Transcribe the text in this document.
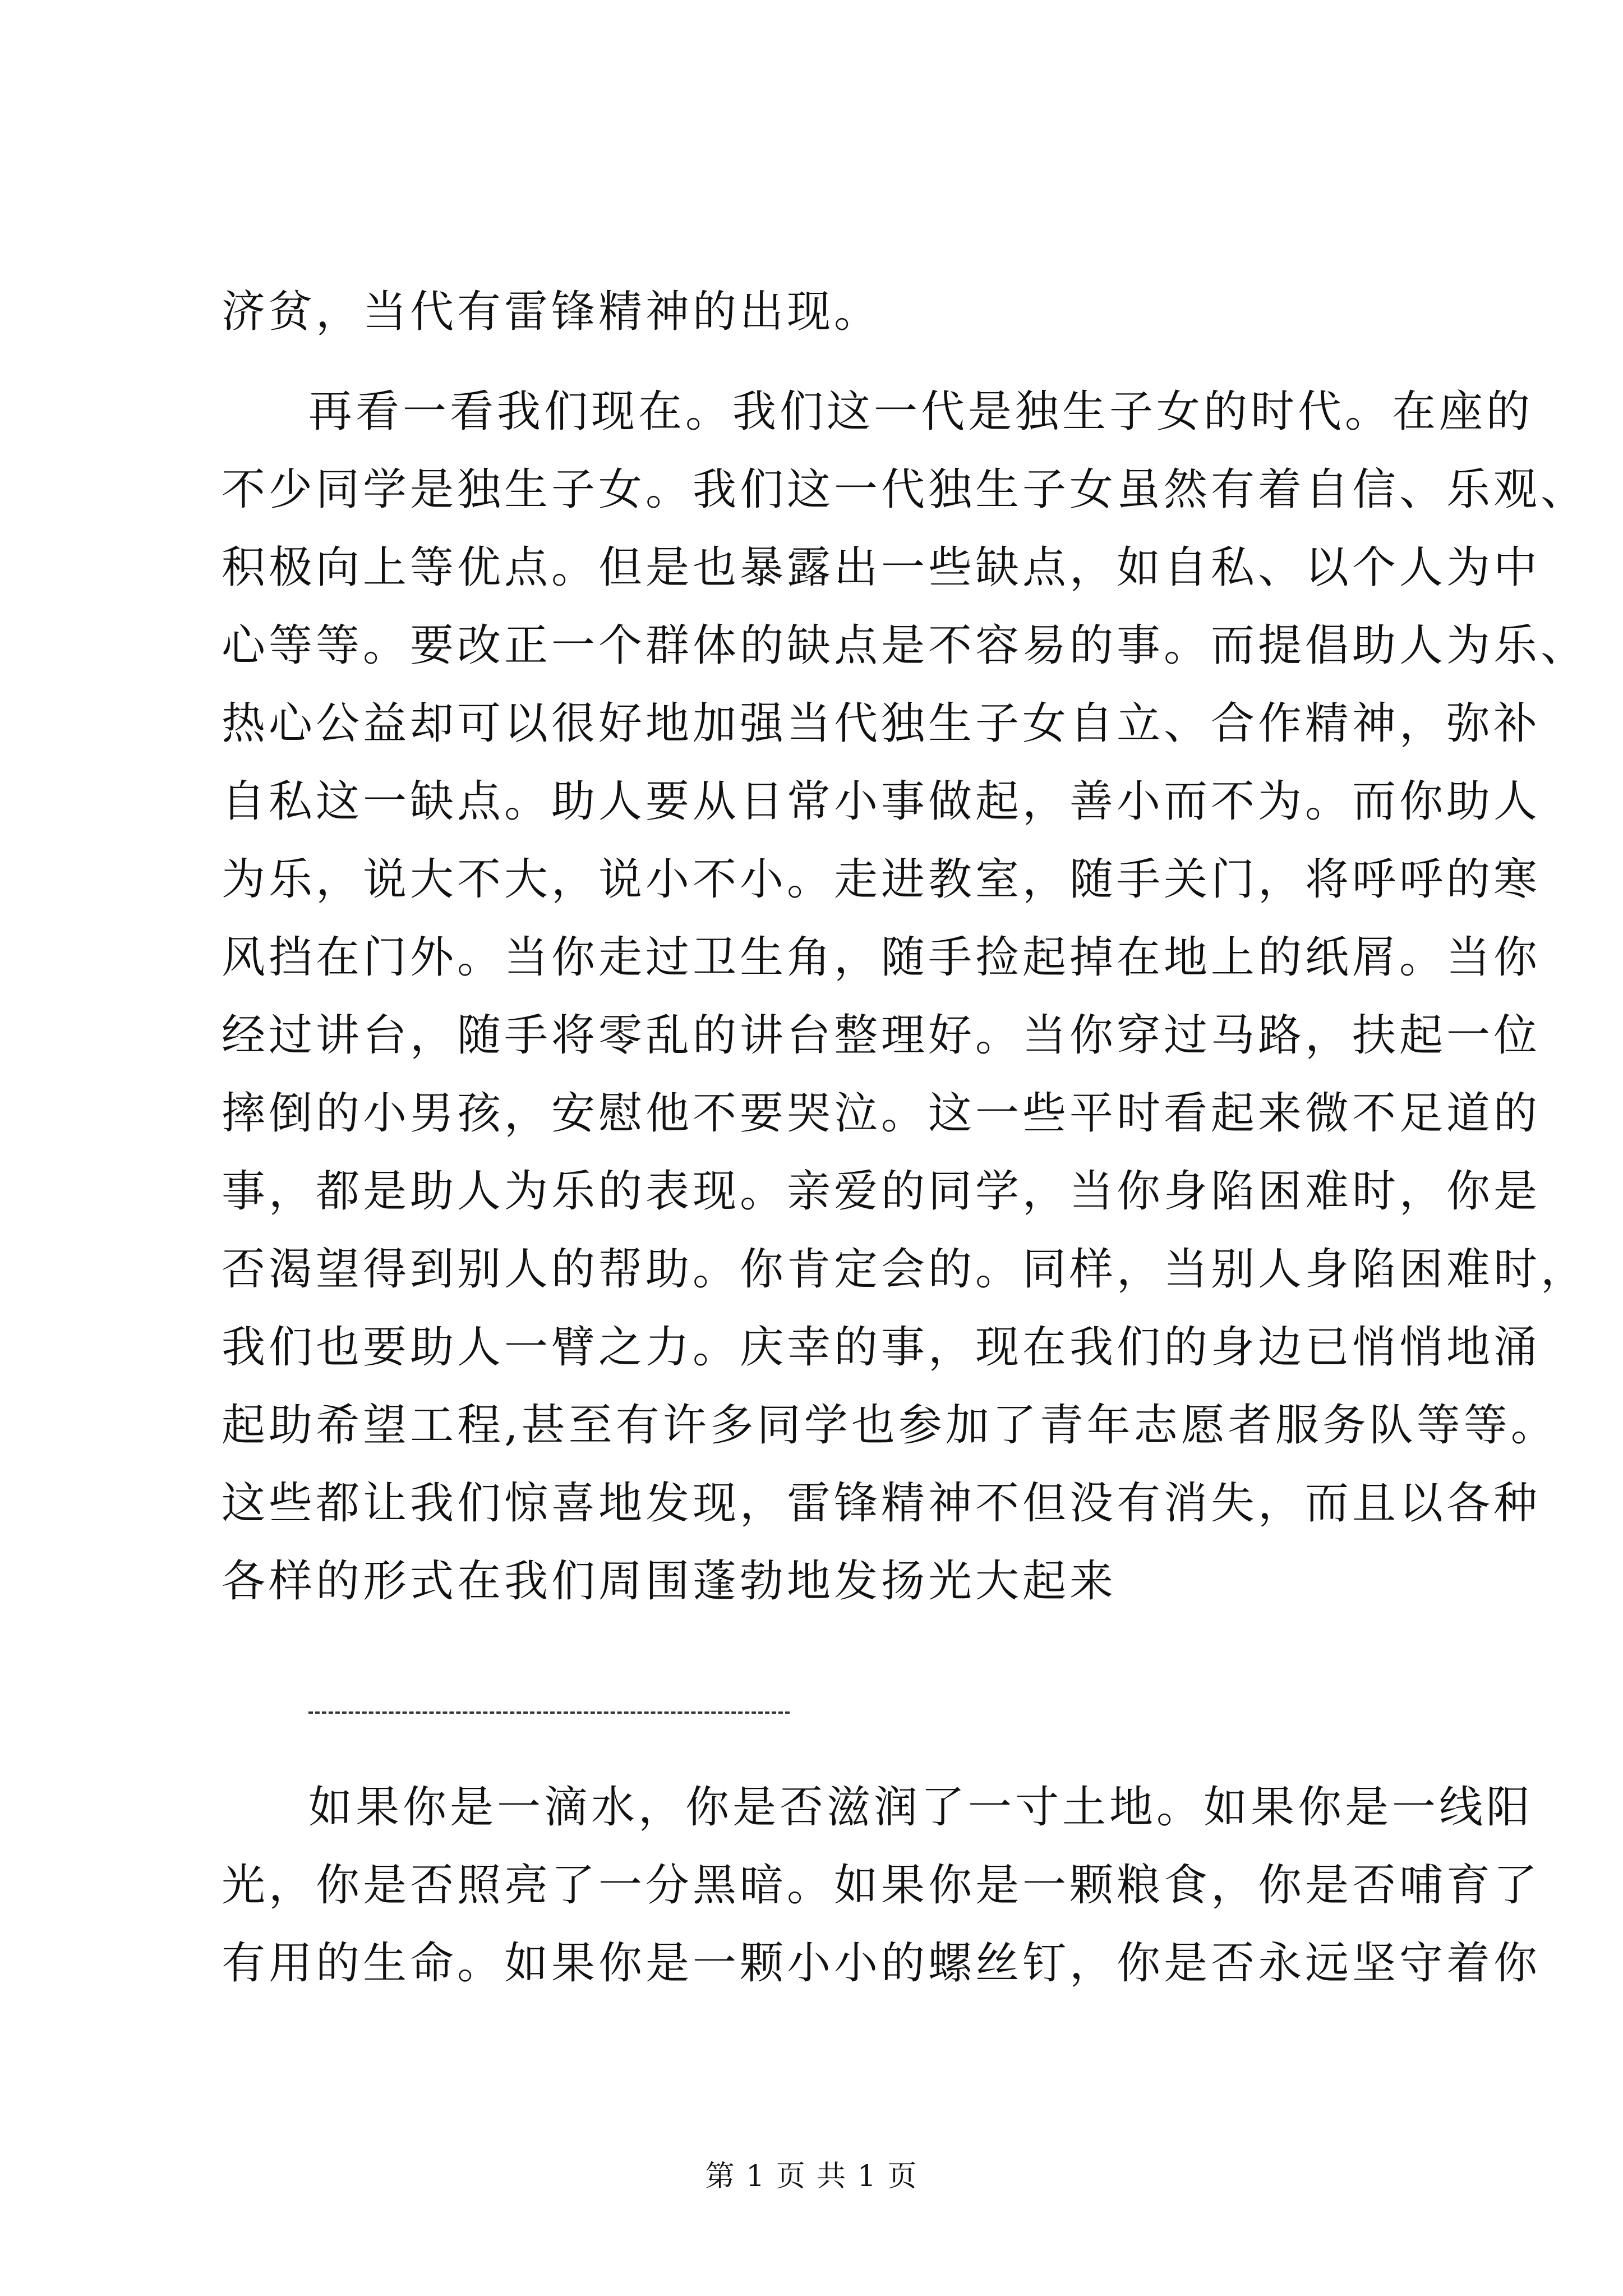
济贫，当代有雷锋精神的出现。
再看一看我们现在。我们这一代是独生子女的时代。在座的
不少同学是独生子女。我们这一代独生子女虽然有着自信、乐观、
积极向上等优点。但是也暴露出一些缺点，如自私、以个人为中
心等等。要改正一个群体的缺点是不容易的事。而提倡助人为乐、
热心公益却可以很好地加强当代独生子女自立、合作精神，弥补
自私这一缺点。助人要从日常小事做起，善小而不为。而你助人
为乐，说大不大，说小不小。走进教室，随手关门，将呼呼的寒
风挡在门外。当你走过卫生角，随手捡起掉在地上的纸屑。当你
经过讲台，随手将零乱的讲台整理好。当你穿过马路，扶起一位
摔倒的小男孩，安慰他不要哭泣。这一些平时看起来微不足道的
事，都是助人为乐的表现。亲爱的同学，当你身陷困难时，你是
否渴望得到别人的帮助。你肯定会的。同样，当别人身陷困难时，
我们也要助人一臂之力。庆幸的事，现在我们的身边已悄悄地涌
起助希望工程,甚至有许多同学也参加了青年志愿者服务队等等。
这些都让我们惊喜地发现，雷锋精神不但没有消失，而且以各种
各样的形式在我们周围蓬勃地发扬光大起来
如果你是一滴水，你是否滋润了一寸土地。如果你是一线阳
光，你是否照亮了一分黑暗。如果你是一颗粮食，你是否哺育了
有用的生命。如果你是一颗小小的螺丝钉，你是否永远坚守着你
第 1 页 共 1 页
